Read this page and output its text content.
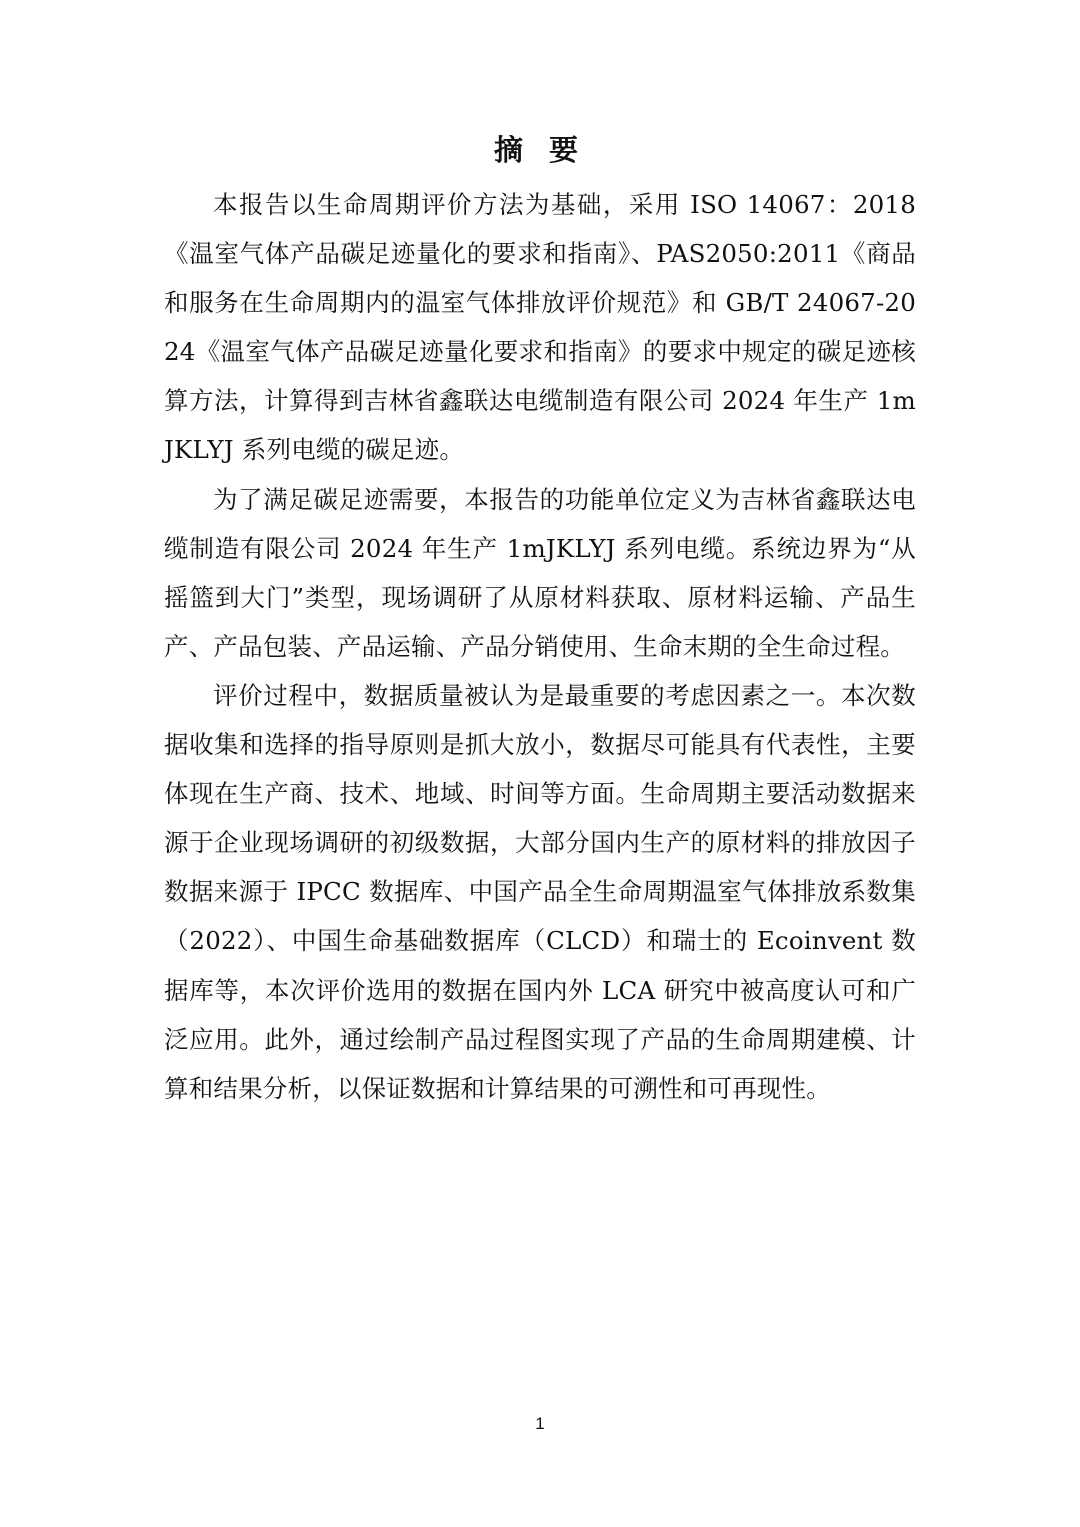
摘 要

本报告以生命周期评价方法为基础，采用 ISO 14067：2018《温室气体产品碳足迹量化的要求和指南》、PAS2050:2011《商品和服务在生命周期内的温室气体排放评价规范》和 GB/T 24067-2024《温室气体产品碳足迹量化要求和指南》的要求中规定的碳足迹核算方法，计算得到吉林省鑫联达电缆制造有限公司 2024 年生产 1mJKLYJ 系列电缆的碳足迹。

为了满足碳足迹需要，本报告的功能单位定义为吉林省鑫联达电缆制造有限公司 2024 年生产 1mJKLYJ 系列电缆。系统边界为“从摇篮到大门”类型，现场调研了从原材料获取、原材料运输、产品生产、产品包装、产品运输、产品分销使用、生命末期的全生命过程。

评价过程中，数据质量被认为是最重要的考虑因素之一。本次数据收集和选择的指导原则是抓大放小，数据尽可能具有代表性，主要体现在生产商、技术、地域、时间等方面。生命周期主要活动数据来源于企业现场调研的初级数据，大部分国内生产的原材料的排放因子数据来源于 IPCC 数据库、中国产品全生命周期温室气体排放系数集（2022）、中国生命基础数据库（CLCD）和瑞士的 Ecoinvent 数据库等，本次评价选用的数据在国内外 LCA 研究中被高度认可和广泛应用。此外，通过绘制产品过程图实现了产品的生命周期建模、计算和结果分析，以保证数据和计算结果的可溯性和可再现性。

1
